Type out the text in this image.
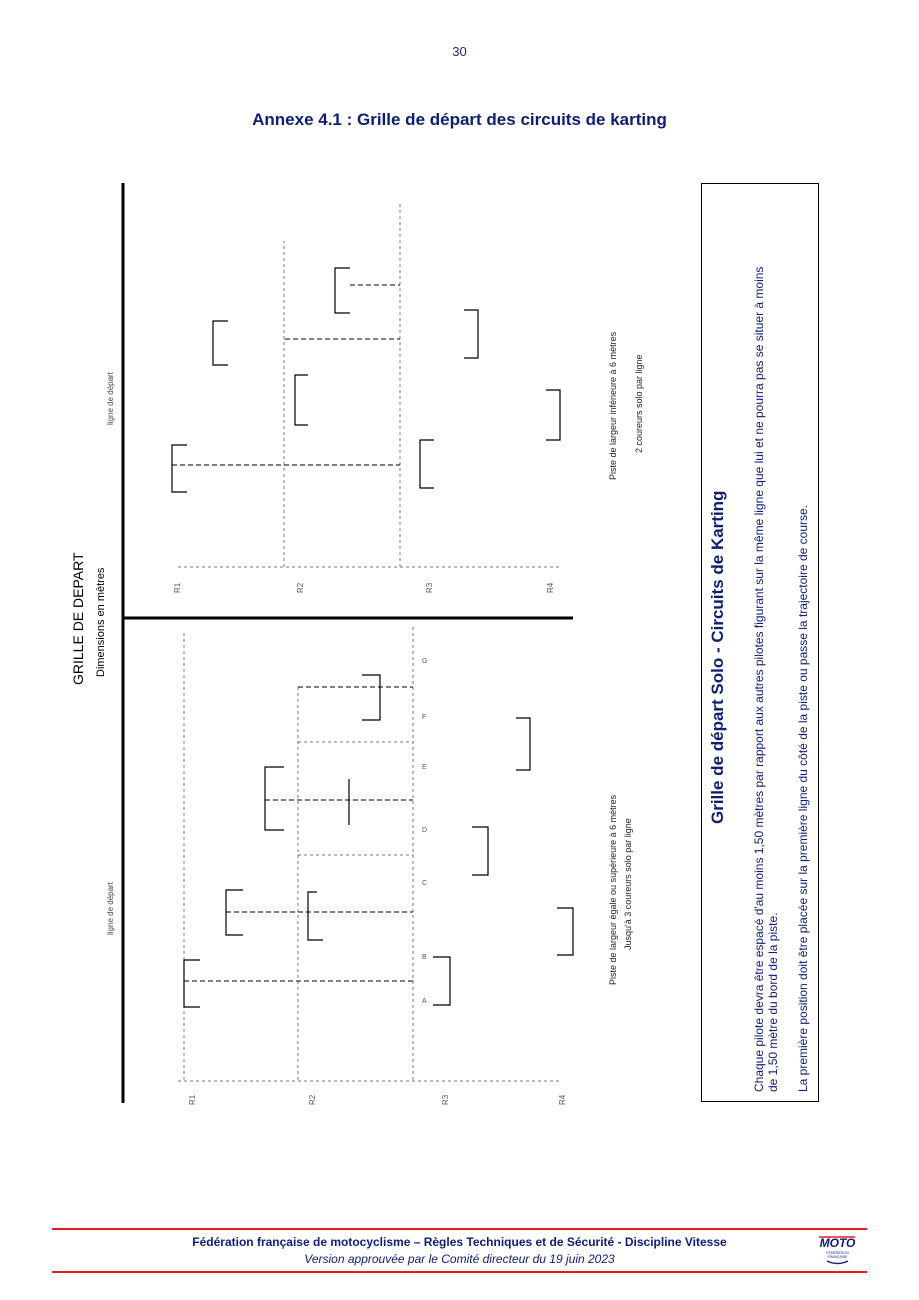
30
Annexe 4.1 : Grille de départ des circuits de karting
GRILLE DE DEPART Dimensions en mètres
ligne de départ
ligne de départ
R1	R2	R3	R4
A
B
C
D
E
F
G
Piste de largeur égale ou supérieure à 6 mètres Jusqu'à 3 coureurs solo par ligne
R1	R2	R3	R4
Piste de largeur inférieure à 6 mètres 2 coureurs solo par ligne
Grille de départ Solo - Circuits de Karting Chaque pilote devra être espacé d'au moins 1,50 mètres par rapport aux autres pilotes figurant sur la même ligne que lui et ne pourra pas se situer à moins de 1,50 mètre du bord de la piste. La première position doit être placée sur la première ligne du côté de la piste ou passe la trajectoire de course.
Fédération française de motocyclisme – Règles Techniques et de Sécurité - Discipline Vitesse
Version approuvée par le Comité directeur du 19 juin 2023
MOTO
FÉDÉRATION
FRANÇAISE
